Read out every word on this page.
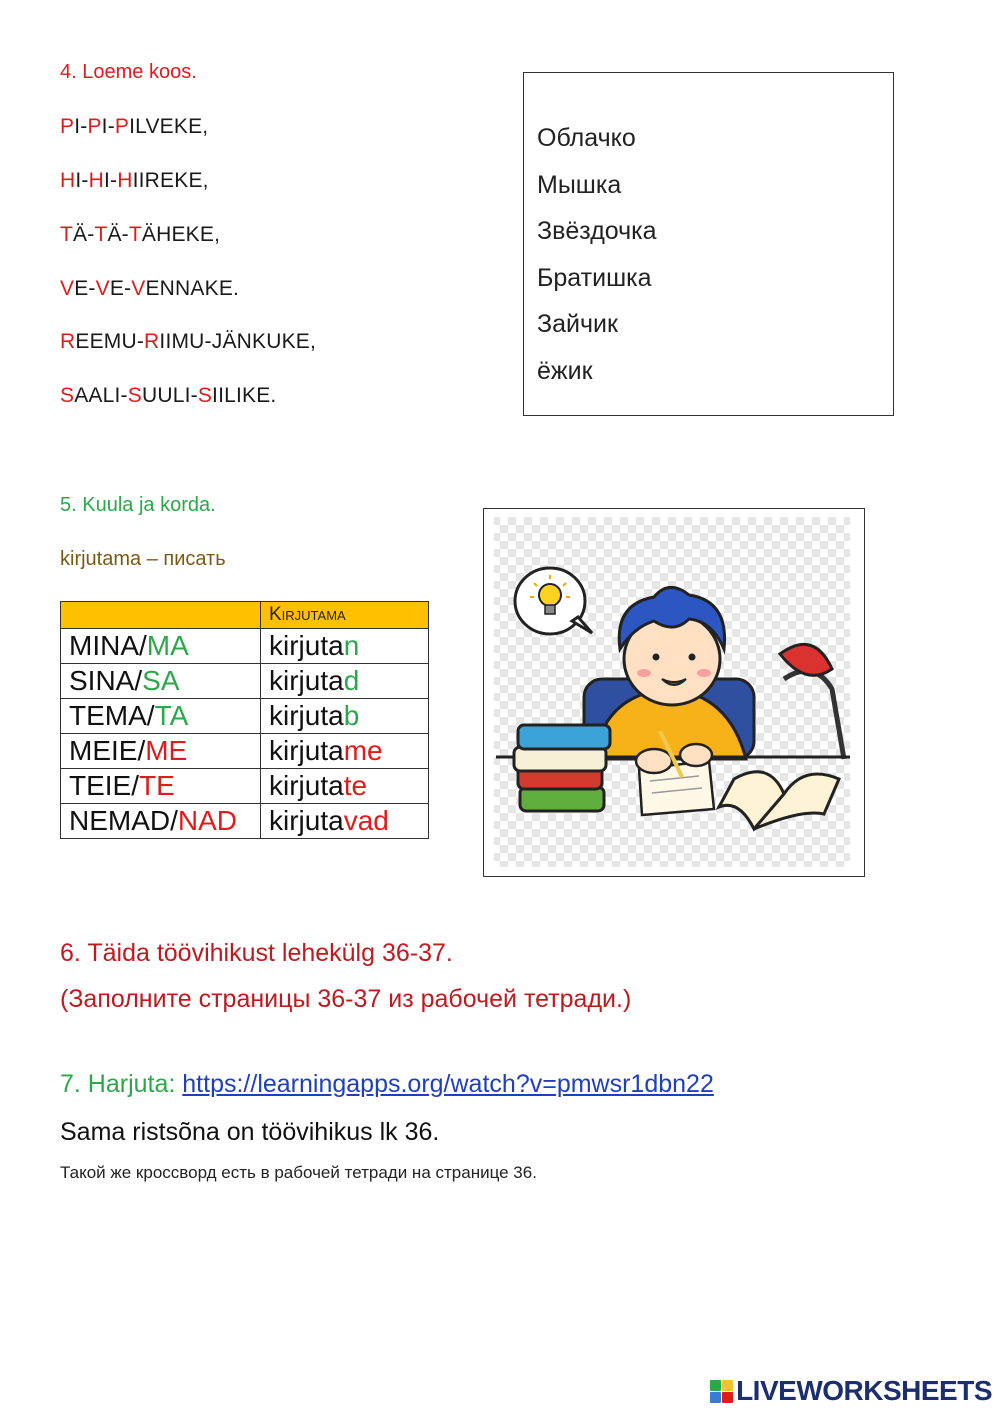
4. Loeme koos.
PI-PI-PILVEKE,
HI-HI-HIIREKE,
TÄ-TÄ-TÄHEKE,
VE-VE-VENNAKE.
REEMU-RIIMU-JÄNKUKE,
SAALI-SUULI-SIILIKE.
Облачко
Мышка
Звёздочка
Братишка
Зайчик
ёжик
5. Kuula ja korda.
kirjutama – писать
	Kirjutama
MINA/MA	kirjutan
SINA/SA	kirjutad
TEMA/TA	kirjutab
MEIE/ME	kirjutame
TEIE/TE	kirjutate
NEMAD/NAD	kirjutavad
6. Täida töövihikust lehekülg 36-37.
(Заполните страницы 36-37 из рабочей тетради.)
7. Harjuta: https://learningapps.org/watch?v=pmwsr1dbn22
Sama ristsõna on töövihikus lk 36.
Такой же кроссворд есть в рабочей тетради на странице 36.
LIVEWORKSHEETS
